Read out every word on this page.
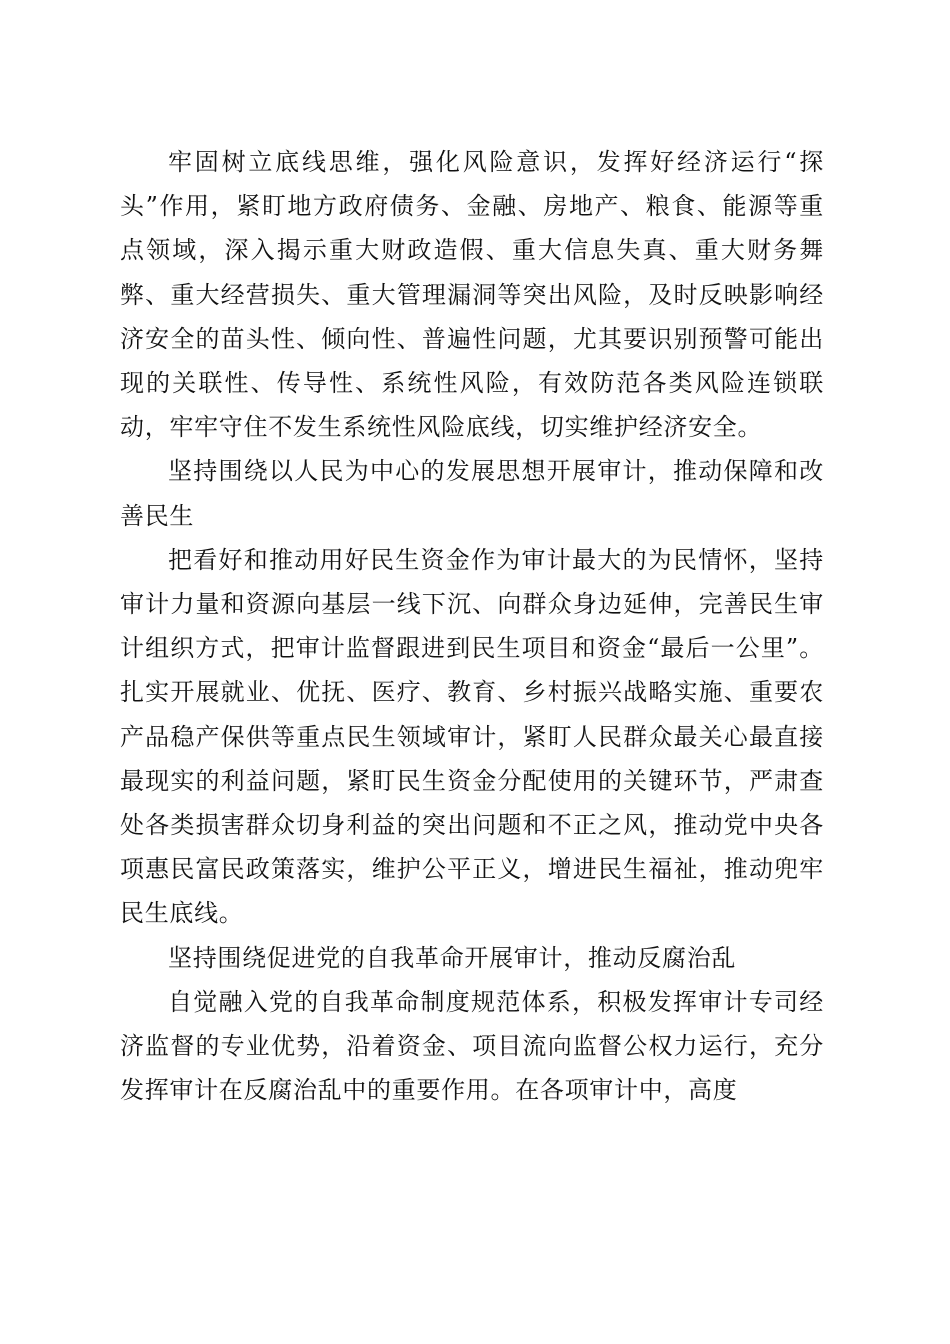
牢固树立底线思维，强化风险意识，发挥好经济运行“探头”作用，紧盯地方政府债务、金融、房地产、粮食、能源等重点领域，深入揭示重大财政造假、重大信息失真、重大财务舞弊、重大经营损失、重大管理漏洞等突出风险，及时反映影响经济安全的苗头性、倾向性、普遍性问题，尤其要识别预警可能出现的关联性、传导性、系统性风险，有效防范各类风险连锁联动，牢牢守住不发生系统性风险底线，切实维护经济安全。

坚持围绕以人民为中心的发展思想开展审计，推动保障和改善民生

把看好和推动用好民生资金作为审计最大的为民情怀，坚持审计力量和资源向基层一线下沉、向群众身边延伸，完善民生审计组织方式，把审计监督跟进到民生项目和资金“最后一公里”。扎实开展就业、优抚、医疗、教育、乡村振兴战略实施、重要农产品稳产保供等重点民生领域审计，紧盯人民群众最关心最直接最现实的利益问题，紧盯民生资金分配使用的关键环节，严肃查处各类损害群众切身利益的突出问题和不正之风，推动党中央各项惠民富民政策落实，维护公平正义，增进民生福祉，推动兜牢民生底线。

坚持围绕促进党的自我革命开展审计，推动反腐治乱

自觉融入党的自我革命制度规范体系，积极发挥审计专司经济监督的专业优势，沿着资金、项目流向监督公权力运行，充分发挥审计在反腐治乱中的重要作用。在各项审计中，高度
